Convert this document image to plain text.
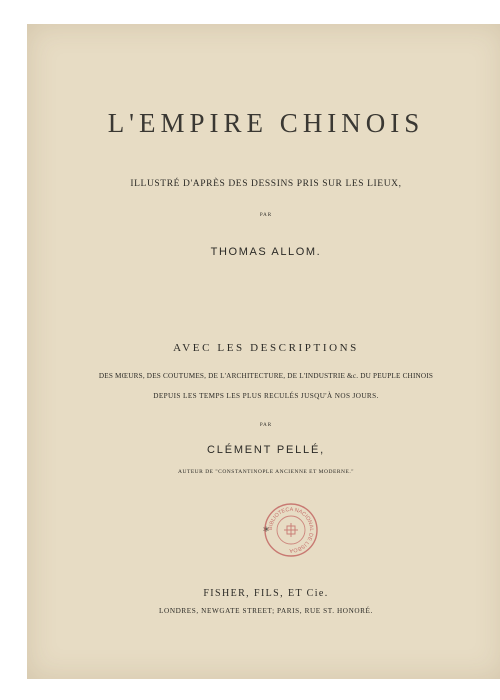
L'EMPIRE CHINOIS

ILLUSTRÉ D'APRÈS DES DESSINS PRIS SUR LES LIEUX,

PAR

THOMAS ALLOM.

AVEC LES DESCRIPTIONS

DES MŒURS, DES COUTUMES, DE L'ARCHITECTURE, DE L'INDUSTRIE &c. DU PEUPLE CHINOIS

DEPUIS LES TEMPS LES PLUS RECULÉS JUSQU'À NOS JOURS.

PAR

CLÉMENT PELLÉ,

AUTEUR DE "CONSTANTINOPLE ANCIENNE ET MODERNE."

* BIBLIOTECA NACIONAL DE LISBOA

FISHER, FILS, ET Cie.

LONDRES, NEWGATE STREET; PARIS, RUE ST. HONORÉ.
